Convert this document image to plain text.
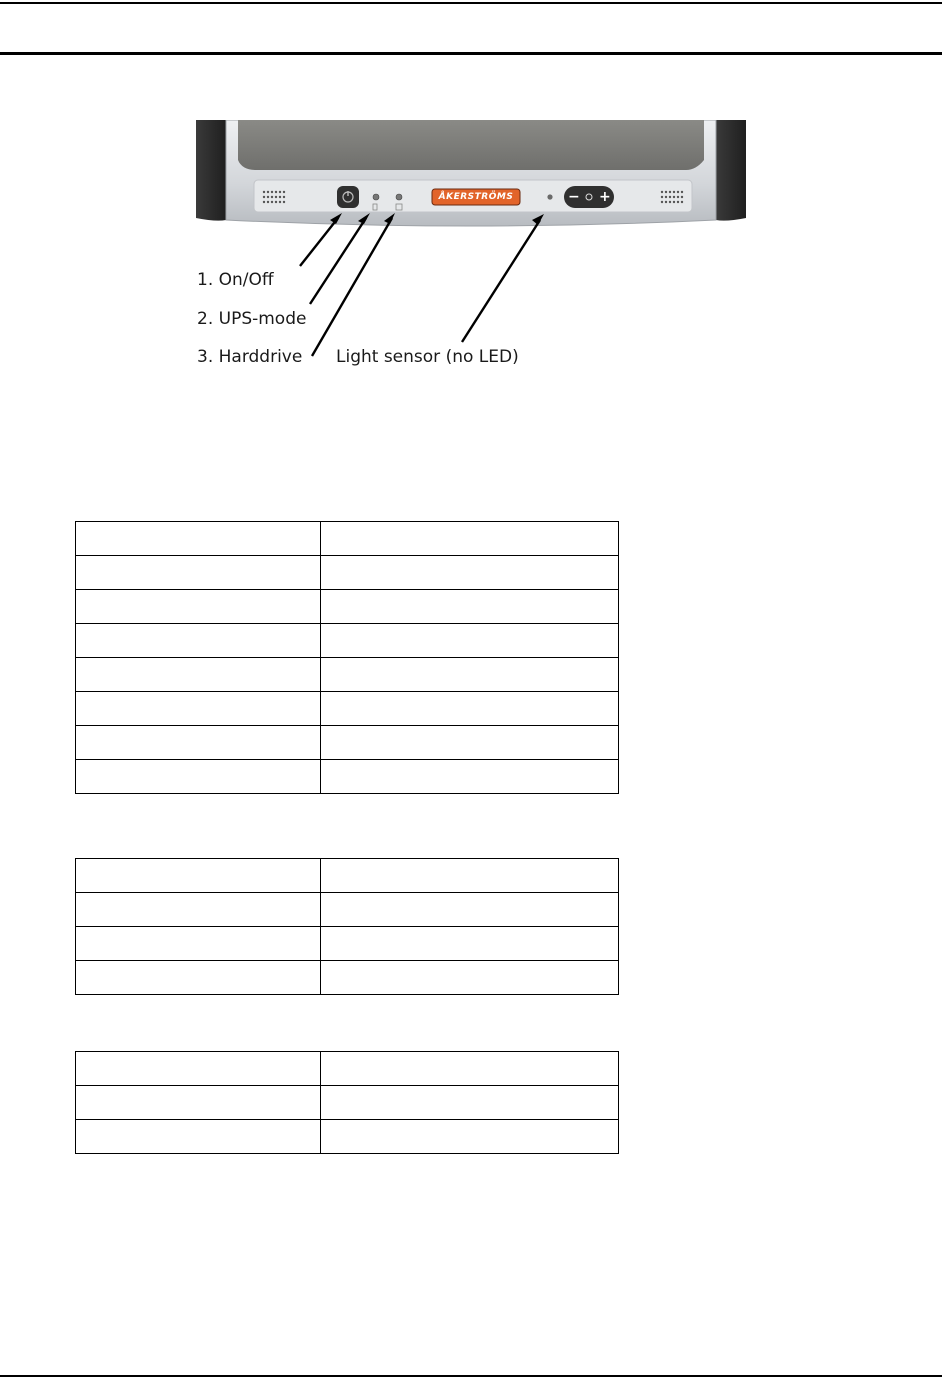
ÅKERSTRÖMS	− +
1. On/Off
2. UPS-mode
3. Harddrive Light sensor (no LED)
